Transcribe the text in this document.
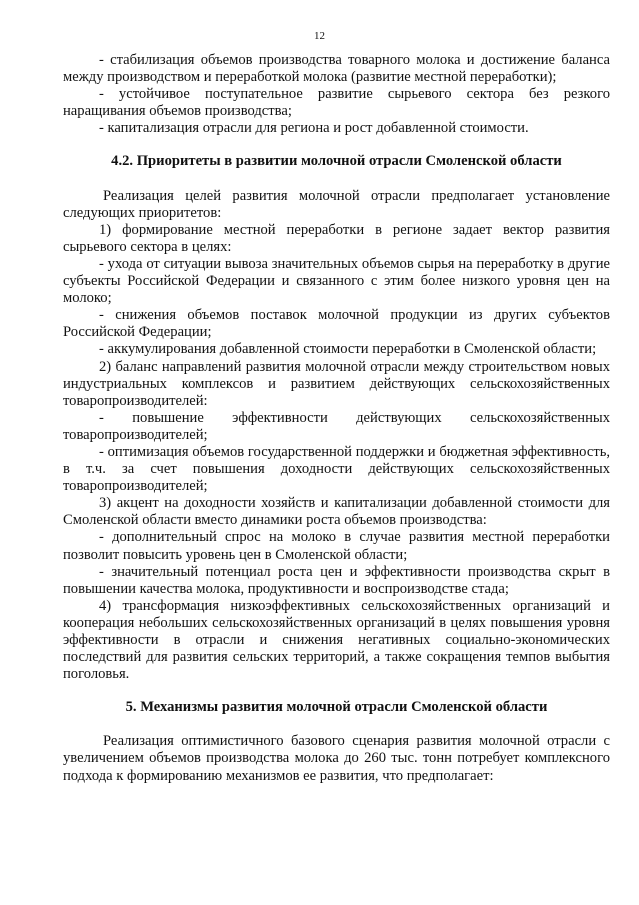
12

- стабилизация объемов производства товарного молока и достижение баланса между производством и переработкой молока (развитие местной переработки);

- устойчивое поступательное развитие сырьевого сектора без резкого наращивания объемов производства;

- капитализация отрасли для региона и рост добавленной стоимости.

4.2. Приоритеты в развитии молочной отрасли Смоленской области

Реализация целей развития молочной отрасли предполагает установление следующих приоритетов:

1) формирование местной переработки в регионе задает вектор развития сырьевого сектора в целях:

- ухода от ситуации вывоза значительных объемов сырья на переработку в другие субъекты Российской Федерации и связанного с этим более низкого уровня цен на молоко;

- снижения объемов поставок молочной продукции из других субъектов Российской Федерации;

- аккумулирования добавленной стоимости переработки в Смоленской области;

2) баланс направлений развития молочной отрасли между строительством новых индустриальных комплексов и развитием действующих сельскохозяйственных товаропроизводителей:

- повышение эффективности действующих сельскохозяйственных товаропроизводителей;

- оптимизация объемов государственной поддержки и бюджетная эффективность, в т.ч. за счет повышения доходности действующих сельскохозяйственных товаропроизводителей;

3) акцент на доходности хозяйств и капитализации добавленной стоимости для Смоленской области вместо динамики роста объемов производства:

- дополнительный спрос на молоко в случае развития местной переработки позволит повысить уровень цен в Смоленской области;

- значительный потенциал роста цен и эффективности производства скрыт в повышении качества молока, продуктивности и воспроизводстве стада;

4) трансформация низкоэффективных сельскохозяйственных организаций и кооперация небольших сельскохозяйственных организаций в целях повышения уровня эффективности в отрасли и снижения негативных социально-экономических последствий для развития сельских территорий, а также сокращения темпов выбытия поголовья.

5. Механизмы развития молочной отрасли Смоленской области

Реализация оптимистичного базового сценария развития молочной отрасли с увеличением объемов производства молока до 260 тыс. тонн потребует комплексного подхода к формированию механизмов ее развития, что предполагает:
